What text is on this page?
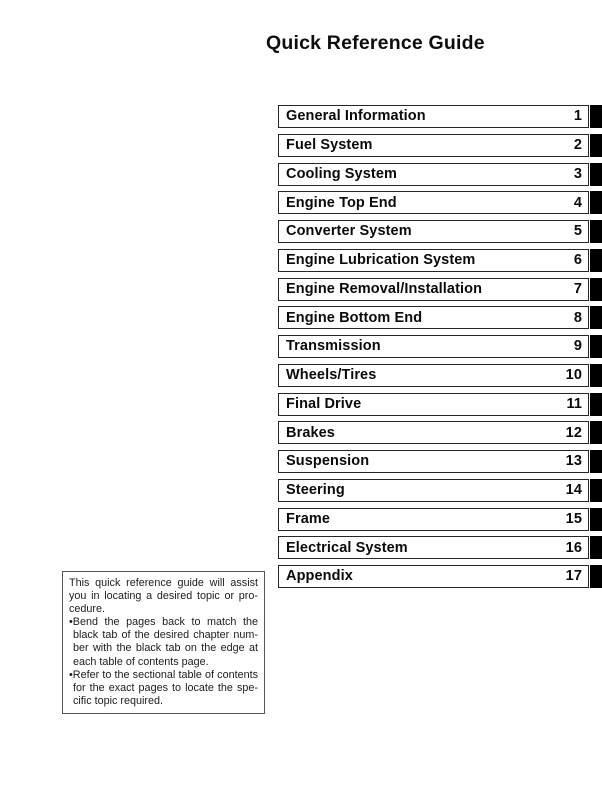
Quick Reference Guide
General Information	1
Fuel System	2
Cooling System	3
Engine Top End	4
Converter System	5
Engine Lubrication System	6
Engine Removal/Installation	7
Engine Bottom End	8
Transmission	9
Wheels/Tires	10
Final Drive	11
Brakes	12
Suspension	13
Steering	14
Frame	15
Electrical System	16
Appendix	17
This quick reference guide will assist
you in locating a desired topic or pro-
cedure.
•Bend the pages back to match the
black tab of the desired chapter num-
ber with the black tab on the edge at
each table of contents page.
•Refer to the sectional table of contents
for the exact pages to locate the spe-
cific topic required.
